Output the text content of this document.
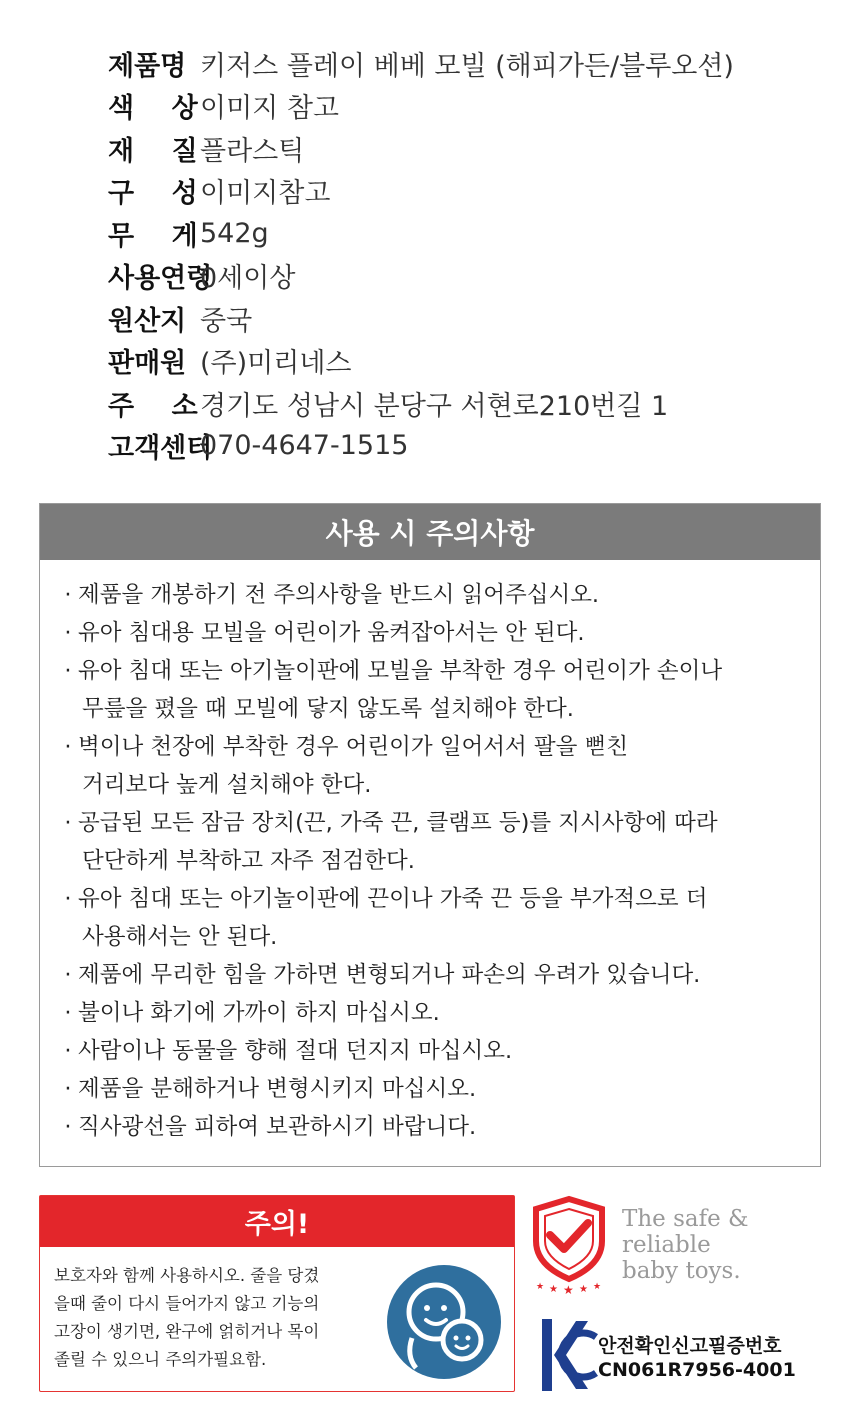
제품명 키저스 플레이 베베 모빌 (해피가든/블루오션)
색    상 이미지 참고
재    질 플라스틱
구    성 이미지참고
무    게 542g
사용연령
0세이상
원산지 중국
판매원 (주)미리네스
주    소 경기도 성남시 분당구 서현로210번길 1
고객센터
070-4647-1515
사용 시 주의사항
· 제품을 개봉하기 전 주의사항을 반드시 읽어주십시오.
· 유아 침대용 모빌을 어린이가 움켜잡아서는 안 된다.
· 유아 침대 또는 아기놀이판에 모빌을 부착한 경우 어린이가 손이나
무릎을 폈을 때 모빌에 닿지 않도록 설치해야 한다.
· 벽이나 천장에 부착한 경우 어린이가 일어서서 팔을 뻗친
거리보다 높게 설치해야 한다.
· 공급된 모든 잠금 장치(끈, 가죽 끈, 클램프 등)를 지시사항에 따라
단단하게 부착하고 자주 점검한다.
· 유아 침대 또는 아기놀이판에 끈이나 가죽 끈 등을 부가적으로 더
사용해서는 안 된다.
· 제품에 무리한 힘을 가하면 변형되거나 파손의 우려가 있습니다.
· 불이나 화기에 가까이 하지 마십시오.
· 사람이나 동물을 향해 절대 던지지 마십시오.
· 제품을 분해하거나 변형시키지 마십시오.
· 직사광선을 피하여 보관하시기 바랍니다.
주의!
보호자와 함께 사용하시오. 줄을 당겼
을때 줄이 다시 들어가지 않고 기능의
고장이 생기면, 완구에 얽히거나 목이
졸릴 수 있으니 주의가필요함.
★ ★ ★ ★ ★
The safe &
reliable
baby toys.
안전확인신고필증번호
CN061R7956-4001
